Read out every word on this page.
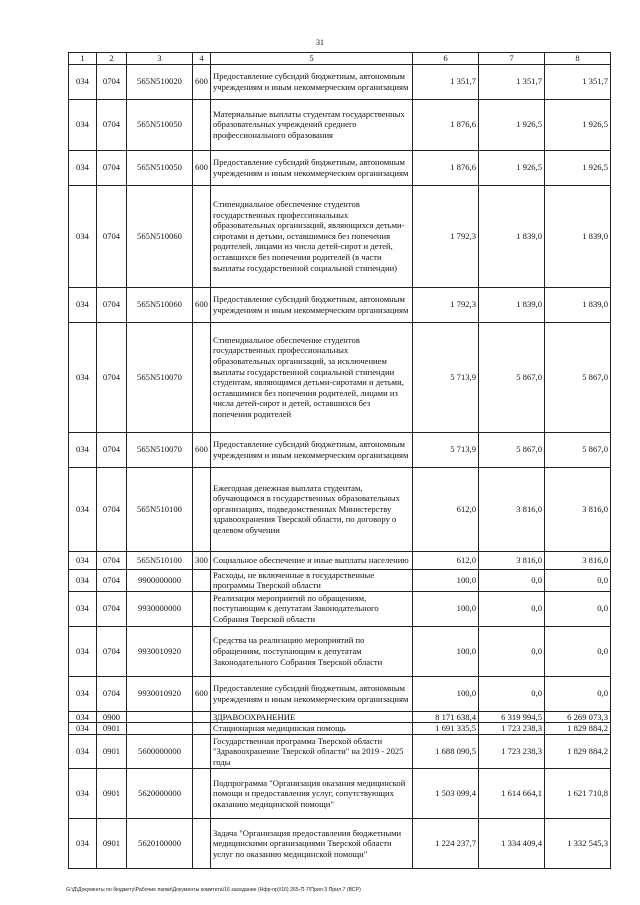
31
1	2	3	4	5	6	7	8
034	0704	565N510020	600	Предоставление субсидий бюджетным, автономным учреждениям и иным некоммерческим организациям	1 351,7	1 351,7	1 351,7
034	0704	565N510050		Материальные выплаты студентам государственных образовательных учреждений среднего профессионального образования	1 876,6	1 926,5	1 926,5
034	0704	565N510050	600	Предоставление субсидий бюджетным, автономным учреждениям и иным некоммерческим организациям	1 876,6	1 926,5	1 926,5
034	0704	565N510060		Стипендиальное обеспечение студентов государственных профессиональных образовательных организаций, являющихся детьми-сиротами и детьми, оставшимися без попечения родителей, лицами из числа детей-сирот и детей, оставшихся без попечения родителей (в части выплаты государственной социальной стипендии)	1 792,3	1 839,0	1 839,0
034	0704	565N510060	600	Предоставление субсидий бюджетным, автономным учреждениям и иным некоммерческим организациям	1 792,3	1 839,0	1 839,0
034	0704	565N510070		Стипендиальное обеспечение студентов государственных профессиональных образовательных организаций, за исключением выплаты государственной социальной стипендии студентам, являющимся детьми-сиротами и детьми, оставшимися без попечения родителей, лицами из числа детей-сирот и детей, оставшихся без попечения родителей	5 713,9	5 867,0	5 867,0
034	0704	565N510070	600	Предоставление субсидий бюджетным, автономным учреждениям и иным некоммерческим организациям	5 713,9	5 867,0	5 867,0
034	0704	565N510100		Ежегодная денежная выплата студентам, обучающимся в государственных образовательных организациях, подведомственных Министерству здравоохранения Тверской области, по договору о целевом обучении	612,0	3 816,0	3 816,0
034	0704	565N510100	300	Социальное обеспечение и иные выплаты населению	612,0	3 816,0	3 816,0
034	0704	9900000000		Расходы, не включенные в государственные программы Тверской области	100,0	0,0	0,0
034	0704	9930000000		Реализация мероприятий по обращениям, поступающим к депутатам Законодательного Собрания Тверской области	100,0	0,0	0,0
034	0704	9930010920		Средства на реализацию мероприятий по обращениям, поступающим к депутатам Законодательного Собрания Тверской области	100,0	0,0	0,0
034	0704	9930010920	600	Предоставление субсидий бюджетным, автономным учреждениям и иным некоммерческим организациям	100,0	0,0	0,0
034	0900			ЗДРАВООХРАНЕНИЕ	8 171 638,4	6 319 994,5	6 269 073,3
034	0901			Стационарная медицинская помощь	1 691 335,5	1 723 238,3	1 829 884,2
034	0901	5600000000		Государственная программа Тверской области "Здравоохранение Тверской области" на 2019 - 2025 годы	1 688 090,5	1 723 238,3	1 829 884,2
034	0901	5620000000		Подпрограмма "Организация оказания медицинской помощи и предоставления услуг, сопутствующих оказанию медицинской помощи"	1 503 099,4	1 614 664,1	1 621 710,8
034	0901	5620100000		Задача "Организация предоставления бюджетными медицинскими организациями Тверской области услуг по оказанию медицинской помощи"	1 224 237,7	1 334 409,4	1 332 545,3
G:\Д\Документы по бюджету\Рабочие папки\Документы комитета\16 заседание (Нфр-пр)\16) 265-П-7\Прил 3 Прил 7 (ВСР)
